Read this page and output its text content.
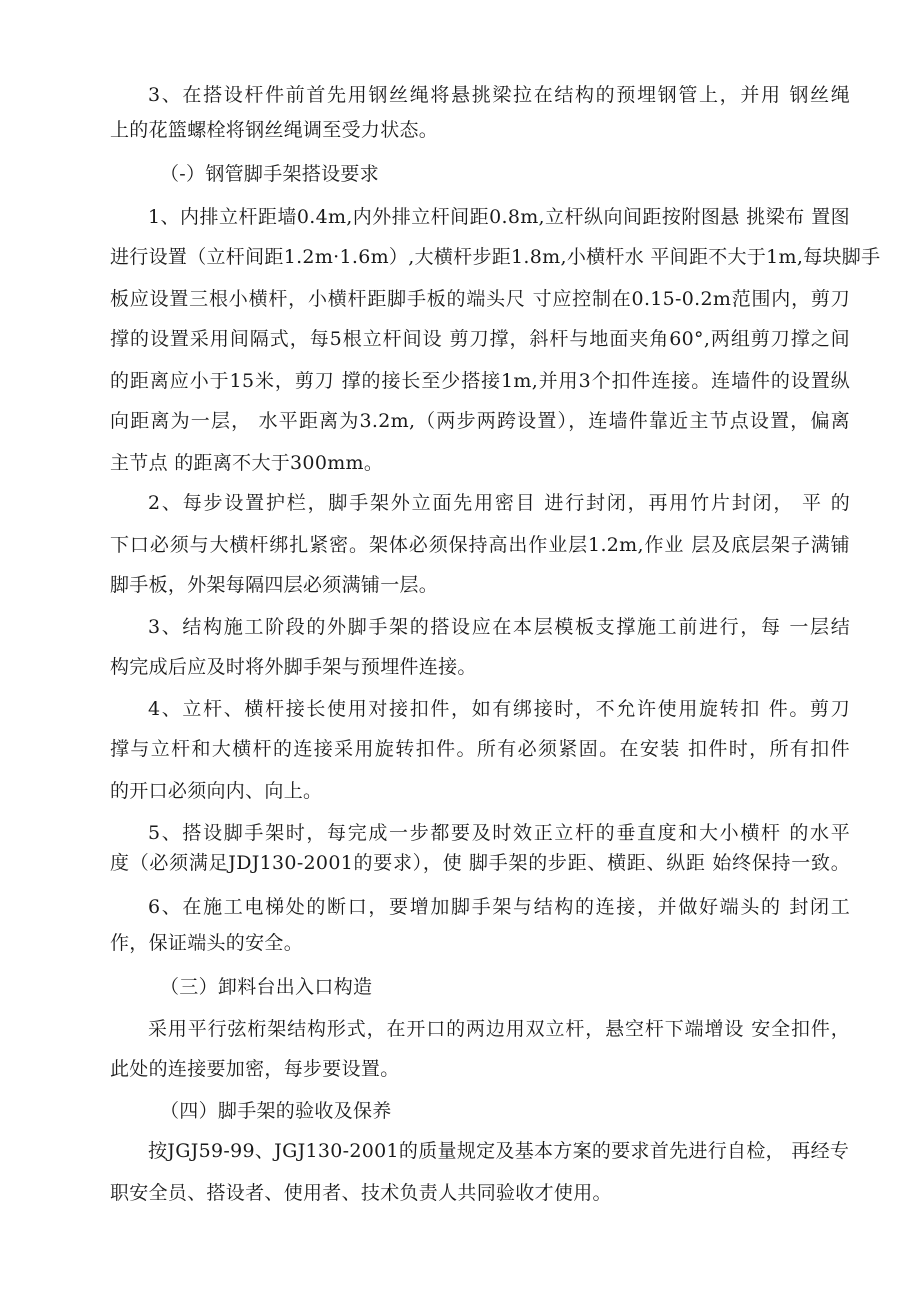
3、在搭设杆件前首先用钢丝绳将悬挑梁拉在结构的预埋钢管上，并用 钢丝绳
上的花篮螺栓将钢丝绳调至受力状态。
（-）钢管脚手架搭设要求
1、内排立杆距墙0.4m,内外排立杆间距0.8m,立杆纵向间距按附图悬 挑梁布 置图
进行设置（立杆间距1.2m·1.6m）,大横杆步距1.8m,小横杆水 平间距不大于1m,每块脚手
板应设置三根小横杆，小横杆距脚手板的端头尺 寸应控制在0.15-0.2m范围内，剪刀
撑的设置采用间隔式，每5根立杆间设 剪刀撑，斜杆与地面夹角60°,两组剪刀撑之间
的距离应小于15米，剪刀 撑的接长至少搭接1m,并用3个扣件连接。连墙件的设置纵
向距离为一层， 水平距离为3.2m,（两步两跨设置），连墙件靠近主节点设置，偏离
主节点 的距离不大于300mm。
2、每步设置护栏，脚手架外立面先用密目 进行封闭，再用竹片封闭， 平 的
下口必须与大横杆绑扎紧密。架体必须保持高出作业层1.2m,作业 层及底层架子满铺
脚手板，外架每隔四层必须满铺一层。
3、结构施工阶段的外脚手架的搭设应在本层模板支撑施工前进行，每 一层结
构完成后应及时将外脚手架与预埋件连接。
4、立杆、横杆接长使用对接扣件，如有绑接时，不允许使用旋转扣 件。剪刀
撑与立杆和大横杆的连接采用旋转扣件。所有必须紧固。在安装 扣件时，所有扣件
的开口必须向内、向上。
5、搭设脚手架时，每完成一步都要及时效正立杆的垂直度和大小横杆 的水平
度（必须满足JDJ130-2001的要求），使 脚手架的步距、横距、纵距 始终保持一致。
6、在施工电梯处的断口，要增加脚手架与结构的连接，并做好端头的 封闭工
作，保证端头的安全。
（三）卸料台出入口构造
采用平行弦桁架结构形式，在开口的两边用双立杆，悬空杆下端增设 安全扣件，
此处的连接要加密，每步要设置。
（四）脚手架的验收及保养
按JGJ59-99、JGJ130-2001的质量规定及基本方案的要求首先进行自检， 再经专
职安全员、搭设者、使用者、技术负责人共同验收才使用。
